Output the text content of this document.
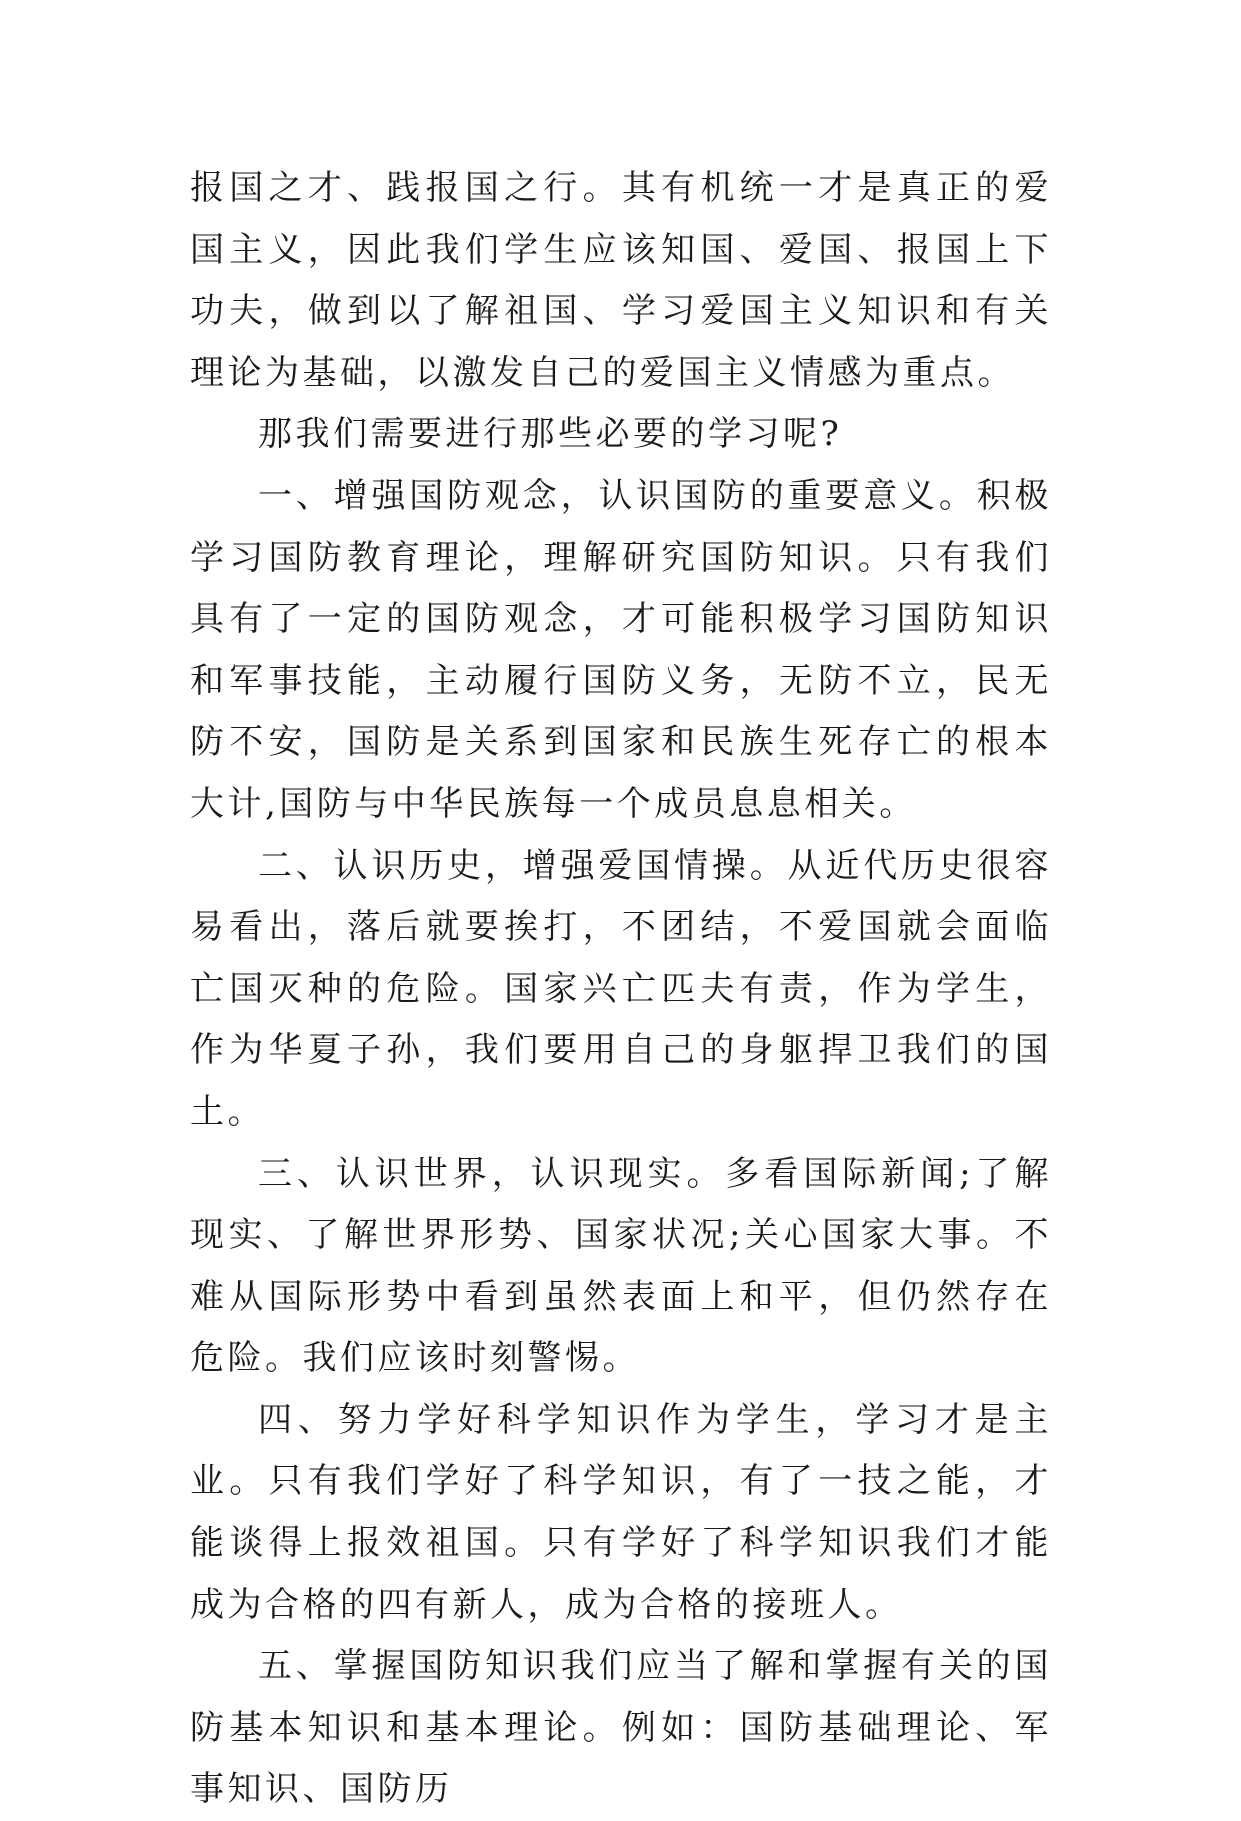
报国之才、践报国之行。其有机统一才是真正的爱国主义，因此我们学生应该知国、爱国、报国上下功夫，做到以了解祖国、学习爱国主义知识和有关理论为基础，以激发自己的爱国主义情感为重点。

那我们需要进行那些必要的学习呢?

一、增强国防观念，认识国防的重要意义。积极学习国防教育理论，理解研究国防知识。只有我们具有了一定的国防观念，才可能积极学习国防知识和军事技能，主动履行国防义务，无防不立，民无防不安，国防是关系到国家和民族生死存亡的根本大计,国防与中华民族每一个成员息息相关。

二、认识历史，增强爱国情操。从近代历史很容易看出，落后就要挨打，不团结，不爱国就会面临亡国灭种的危险。国家兴亡匹夫有责，作为学生，作为华夏子孙，我们要用自己的身躯捍卫我们的国土。

三、认识世界，认识现实。多看国际新闻;了解现实、了解世界形势、国家状况;关心国家大事。不难从国际形势中看到虽然表面上和平，但仍然存在危险。我们应该时刻警惕。

四、努力学好科学知识作为学生，学习才是主业。只有我们学好了科学知识，有了一技之能，才能谈得上报效祖国。只有学好了科学知识我们才能成为合格的四有新人，成为合格的接班人。

五、掌握国防知识我们应当了解和掌握有关的国防基本知识和基本理论。例如：国防基础理论、军事知识、国防历
